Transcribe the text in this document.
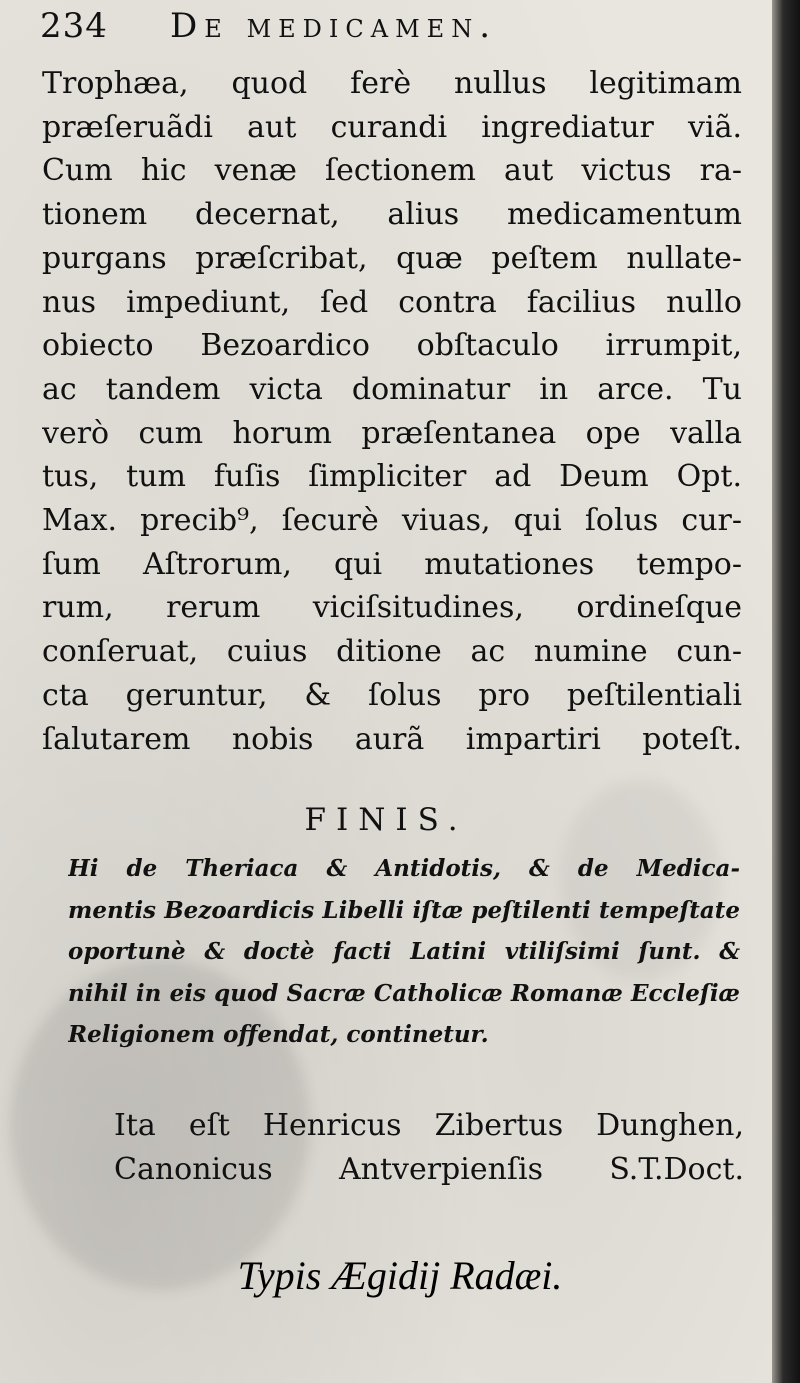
234	De medicamen.
Trophæa, quod ferè nullus legitimam
præſeruãdi aut curandi ingrediatur viã.
Cum hic venæ ſectionem aut victus ra-
tionem decernat, alius medicamentum
purgans præſcribat, quæ peſtem nullate-
nus impediunt, ſed contra facilius nullo
obiecto Bezoardico obſtaculo irrumpit,
ac tandem victa dominatur in arce. Tu
verò cum horum præſentanea ope valla
tus, tum fuſis ſimpliciter ad Deum Opt.
Max. precib⁹, ſecurè viuas, qui ſolus cur-
ſum Aſtrorum, qui mutationes tempo-
rum, rerum viciſsitudines, ordineſque
conſeruat, cuius ditione ac numine cun-
cta geruntur, & ſolus pro peſtilentiali
ſalutarem nobis aurã impartiri poteſt.
FINIS.
Hi de Theriaca & Antidotis, & de Medica-
mentis Bezoardicis Libelli iſtæ peſtilenti tempeſtate
oportunè & doctè facti Latini vtiliſsimi ſunt. &
nihil in eis quod Sacræ Catholicæ Romanæ Eccleſiæ
Religionem offendat, continetur.
Ita eſt Henricus Zibertus Dunghen,
Canonicus Antverpienſis S.T.Doct.
Typis Ægidij Radæi.
